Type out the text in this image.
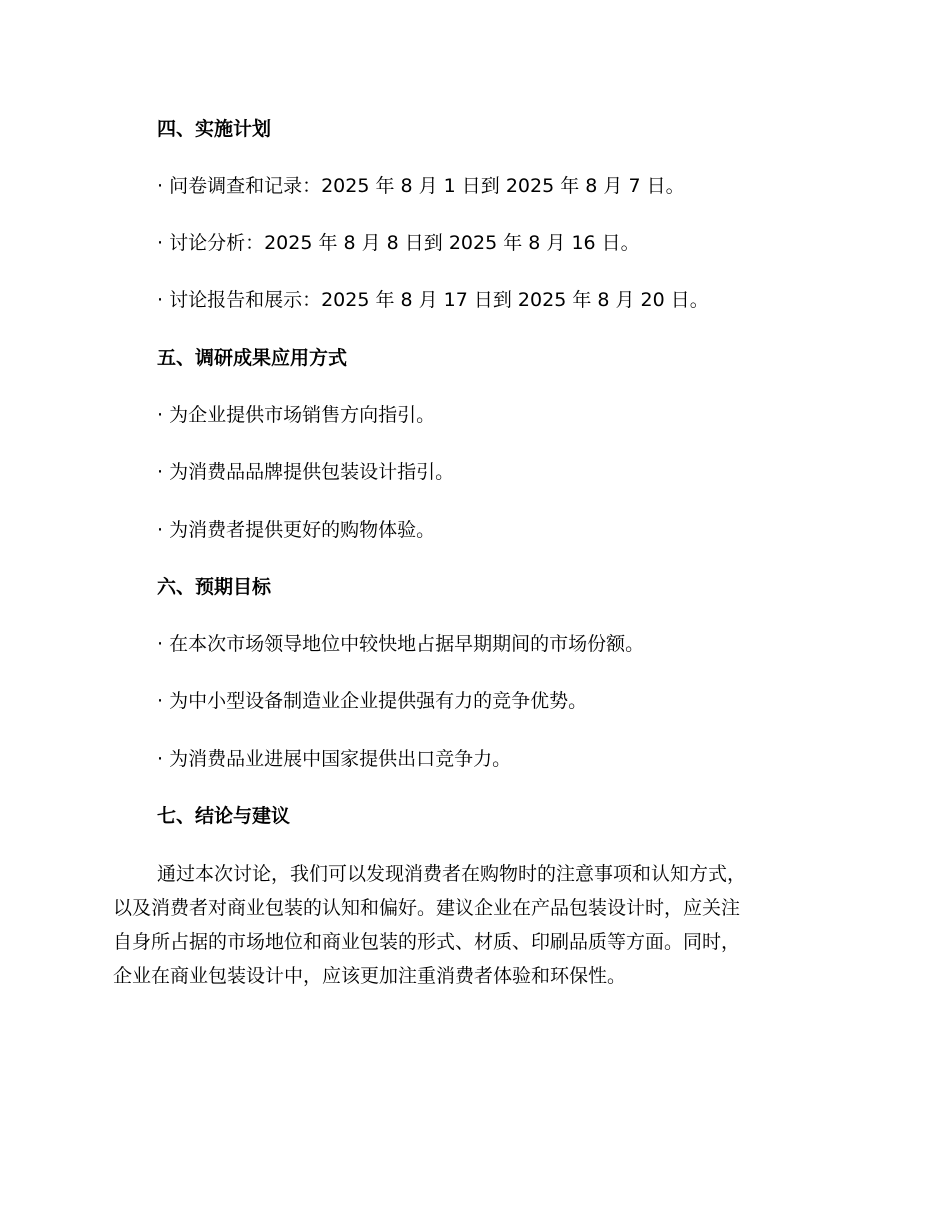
四、实施计划
· 问卷调查和记录：2025 年 8 月 1 日到 2025 年 8 月 7 日。
· 讨论分析：2025 年 8 月 8 日到 2025 年 8 月 16 日。
· 讨论报告和展示：2025 年 8 月 17 日到 2025 年 8 月 20 日。
五、调研成果应用方式
· 为企业提供市场销售方向指引。
· 为消费品品牌提供包装设计指引。
· 为消费者提供更好的购物体验。
六、预期目标
· 在本次市场领导地位中较快地占据早期期间的市场份额。
· 为中小型设备制造业企业提供强有力的竞争优势。
· 为消费品业进展中国家提供出口竞争力。
七、结论与建议

通过本次讨论，我们可以发现消费者在购物时的注意事项和认知方式，
以及消费者对商业包装的认知和偏好。建议企业在产品包装设计时，应关注
自身所占据的市场地位和商业包装的形式、材质、印刷品质等方面。同时，
企业在商业包装设计中，应该更加注重消费者体验和环保性。
